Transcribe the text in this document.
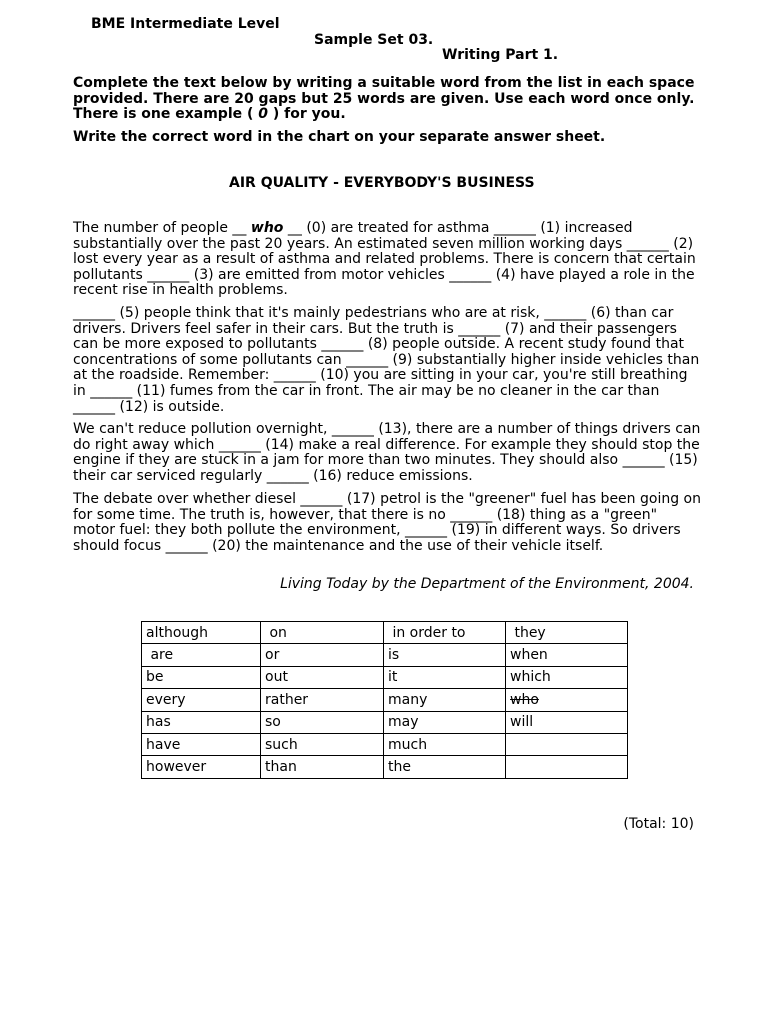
BME Intermediate Level
Sample Set 03.
Writing Part 1.
Complete the text below by writing a suitable word from the list in each space provided. There are 20 gaps but 25 words are given. Use each word once only. There is one example ( 0 ) for you.
Write the correct word in the chart on your separate answer sheet.
AIR QUALITY - EVERYBODY'S BUSINESS
The number of people __ who __ (0) are treated for asthma ______ (1) increased substantially over the past 20 years. An estimated seven million working days ______ (2) lost every year as a result of asthma and related problems. There is concern that certain pollutants ______ (3) are emitted from motor vehicles ______ (4) have played a role in the recent rise in health problems.
______ (5) people think that it's mainly pedestrians who are at risk, ______ (6) than car drivers. Drivers feel safer in their cars. But the truth is ______ (7) and their passengers can be more exposed to pollutants ______ (8) people outside. A recent study found that concentrations of some pollutants can ______ (9) substantially higher inside vehicles than at the roadside. Remember: ______ (10) you are sitting in your car, you're still breathing in ______ (11) fumes from the car in front. The air may be no cleaner in the car than ______ (12) is outside.
We can't reduce pollution overnight, ______ (13), there are a number of things drivers can do right away which ______ (14) make a real difference. For example they should stop the engine if they are stuck in a jam for more than two minutes. They should also ______ (15) their car serviced regularly ______ (16) reduce emissions.
The debate over whether diesel ______ (17) petrol is the "greener" fuel has been going on for some time. The truth is, however, that there is no ______ (18) thing as a "green" motor fuel: they both pollute the environment, ______ (19) in different ways. So drivers should focus ______ (20) the maintenance and the use of their vehicle itself.
Living Today by the Department of the Environment, 2004.
although	on	in order to	they
are	or	is	when
be	out	it	which
every	rather	many	who
has	so	may	will
have	such	much	
however	than	the	
(Total: 10)
